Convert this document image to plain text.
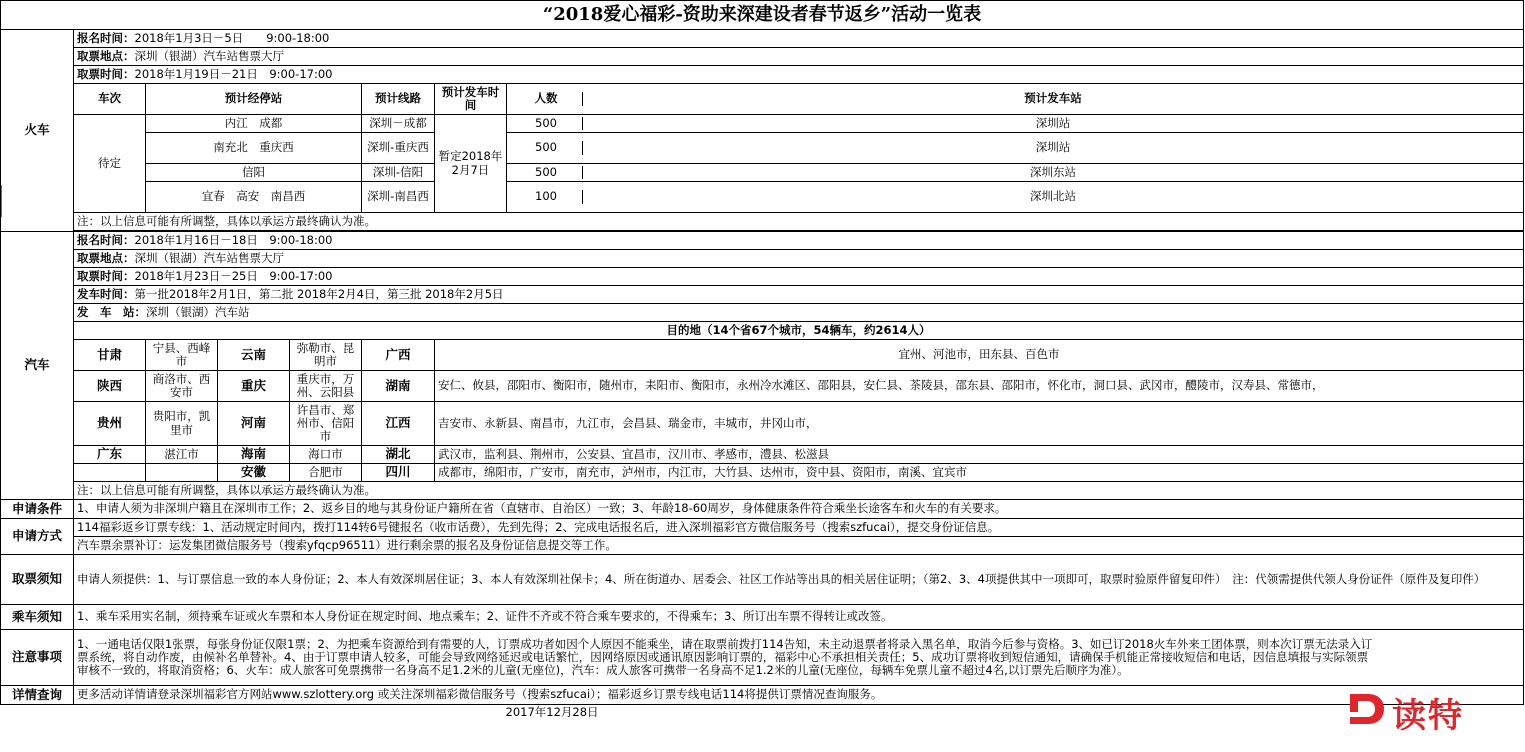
“2018爱心福彩-资助来深建设者春节返乡”活动一览表							
火车	报名时间：2018年1月3日－5日　　9:00-18:00						
	取票地点：深圳（银湖）汽车站售票大厅						
	取票时间：2018年1月19日－21日　9:00-17:00						
	车次	预计经停站			预计线路	预计发车时间	人数 预计发车站

	待定	内江　成都			深圳－成都	暂定2018年2月7日	500 深圳站

		南充北　重庆西			深圳-重庆西		500 深圳站

		信阳			深圳-信阳		500 深圳东站

		宜春　高安　南昌西			深圳-南昌西		100 深圳北站

	注：以上信息可能有所调整，具体以承运方最终确认为准。						

汽车	报名时间：2018年1月16日－18日　9:00-18:00						
	取票地点：深圳（银湖）汽车站售票大厅						
	取票时间：2018年1月23日－25日　9:00-17:00						
	发车时间：第一批2018年2月1日，第二批 2018年2月4日，第三批 2018年2月5日						
	发　车　站：深圳（银湖）汽车站						
	目的地（14个省67个城市，54辆车，约2614人）						
	甘肃	宁县、西峰市	云南	弥勒市、昆明市	广西	宜州、河池市，田东县、百色市	
	陕西	商洛市、西安市	重庆	重庆市，万州、云阳县	湖南	安仁、攸县，邵阳市、衡阳市，随州市，耒阳市、衡阳市，永州冷水滩区、邵阳县，安仁县、茶陵县，邵东县、邵阳市，怀化市，洞口县、武冈市，醴陵市，汉寿县、常德市，	
	贵州	贵阳市，凯里市	河南	许昌市、郑州市、信阳市	江西	吉安市、永新县、南昌市，九江市，会昌县、瑞金市，丰城市，井冈山市，	
	广东	湛江市	海南	海口市	湖北	武汉市，监利县、荆州市，公安县、宜昌市，汉川市、孝感市，澧县、松滋县	
			安徽	合肥市	四川	成都市，绵阳市，广安市，南充市，泸州市，内江市，大竹县、达州市，资中县、资阳市，南溪、宜宾市	
	注：以上信息可能有所调整，具体以承运方最终确认为准。						
申请条件	1、申请人须为非深圳户籍且在深圳市工作；2、返乡目的地与其身份证户籍所在省（直辖市、自治区）一致；3、年龄18-60周岁，身体健康条件符合乘坐长途客车和火车的有关要求。						
申请方式	114福彩返乡订票专线：1、活动规定时间内，拨打114转6号键报名（收市话费），先到先得；2、完成电话报名后，进入深圳福彩官方微信服务号（搜索szfucai），提交身份证信息。						
	汽车票余票补订：运发集团微信服务号（搜索yfqcp96511）进行剩余票的报名及身份证信息提交等工作。						
取票须知	申请人须提供：1、与订票信息一致的本人身份证；2、本人有效深圳居住证；3、本人有效深圳社保卡；4、所在街道办、居委会、社区工作站等出具的相关居住证明；（第2、3、4项提供其中一项即可，取票时验原件留复印件）　注：代领需提供代领人身份证件（原件及复印件）						
乘车须知	1、乘车采用实名制，须持乘车证或火车票和本人身份证在规定时间、地点乘车；2、证件不齐或不符合乘车要求的，不得乘车；3、所订出车票不得转让或改签。						
注意事项	1、一通电话仅限1张票，每张身份证仅限1票；2、为把乘车资源给到有需要的人，订票成功者如因个人原因不能乘坐，请在取票前拨打114告知，未主动退票者将录入黑名单，取消今后参与资格。3、如已订2018火车外来工团体票，则本次订票无法录入订票系统，将自动作废，由候补名单替补。4、由于订票申请人较多，可能会导致网络延迟或电话繁忙，因网络原因或通讯原因影响订票的，福彩中心不承担相关责任；5、成功订票将收到短信通知，请确保手机能正常接收短信和电话，因信息填报与实际领票审核不一致的，将取消资格；6、火车：成人旅客可免票携带一名身高不足1.2米的儿童(无座位)，汽车：成人旅客可携带一名身高不足1.2米的儿童(无座位，每辆车免票儿童不超过4名,以订票先后顺序为准）。						
详情查询	更多活动详情请登录深圳福彩官方网站www.szlottery.org 或关注深圳福彩微信服务号（搜索szfucai）；福彩返乡订票专线电话114将提供订票情况查询服务。						
	2017年12月28日							读特
